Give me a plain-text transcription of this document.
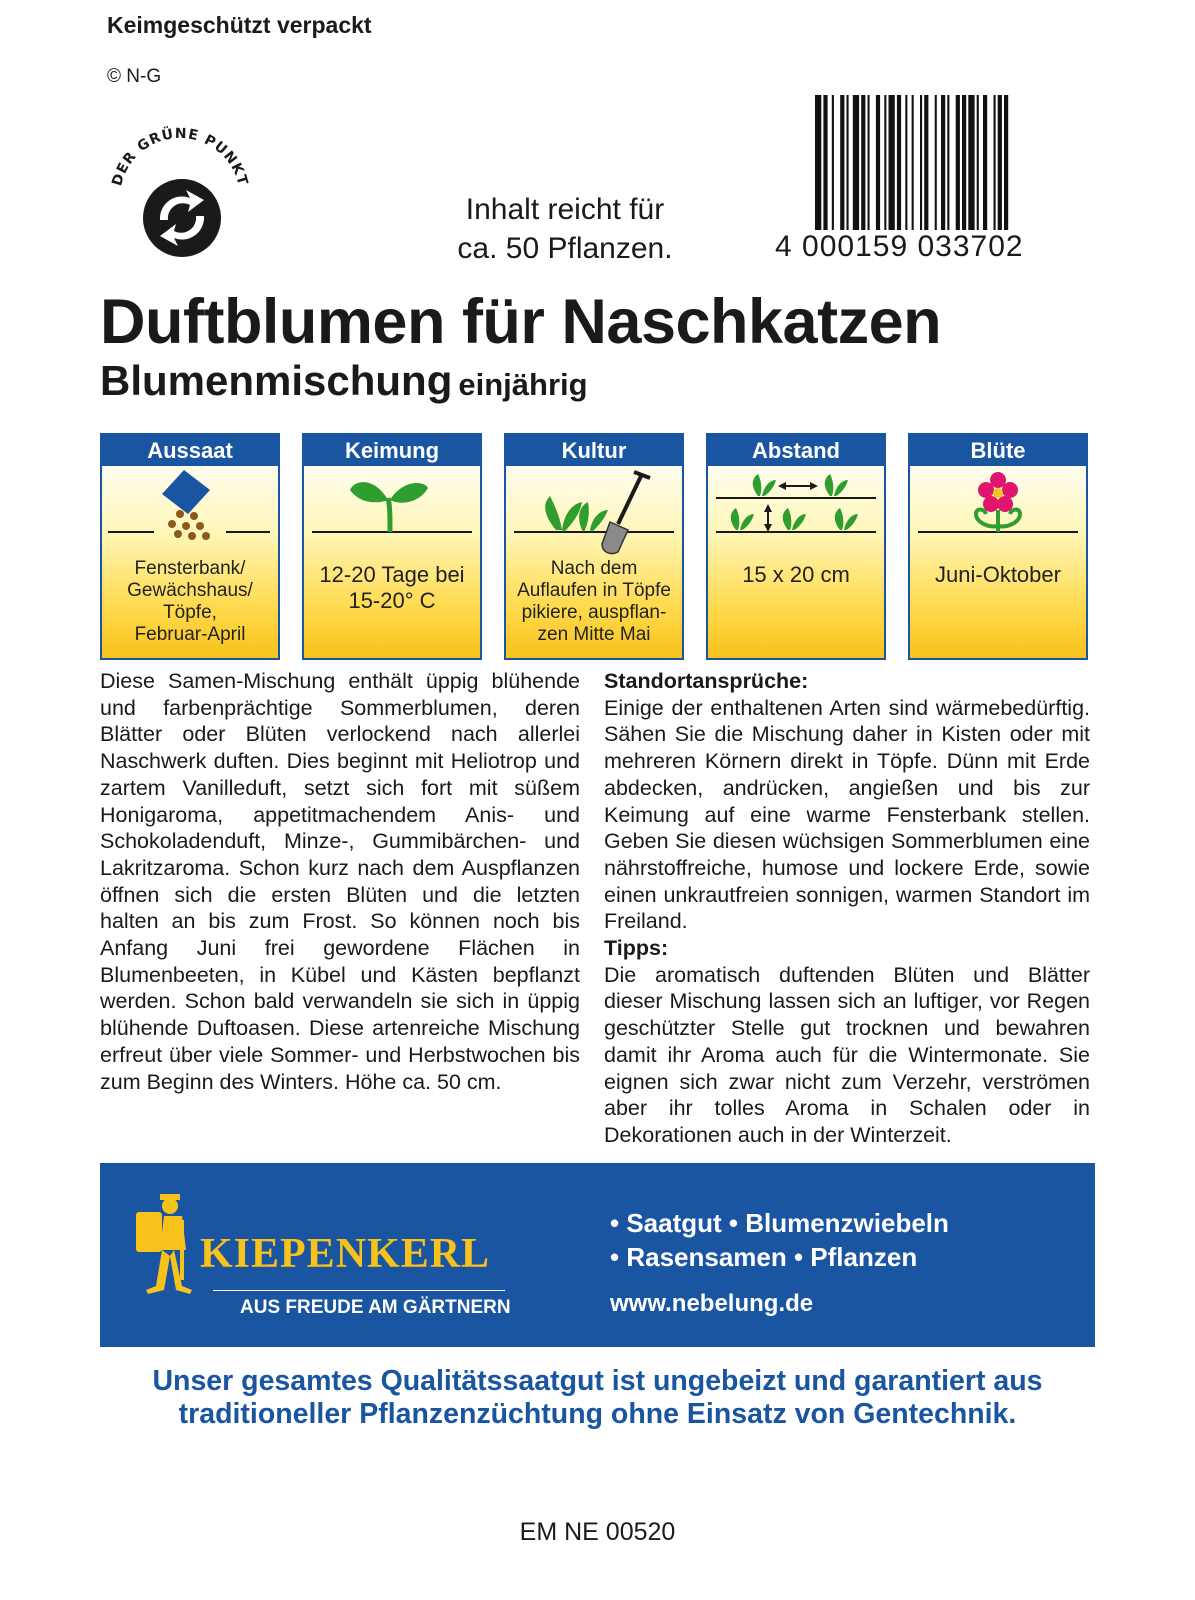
Keimgeschützt verpackt
© N-G
DER GRÜNE PUNKT
Inhalt reicht für
ca. 50 Pflanzen.	4 000159 033702
Duftblumen für Naschkatzen
Blumenmischung einjährig
Aussaat
Fensterbank/
Gewächshaus/
Töpfe,
Februar-April
Keimung
12-20 Tage bei
15-20° C
Kultur
Nach dem
Auflaufen in Töpfe
pikiere, auspflan-
zen Mitte Mai
Abstand
15 x 20 cm
Blüte
Juni-Oktober
Diese Samen-Mischung enthält üppig blühende und farbenprächtige Sommerblumen, deren Blätter oder Blüten verlockend nach allerlei Naschwerk duften. Dies beginnt mit Heliotrop und zartem Vanilleduft, setzt sich fort mit süßem Honigaroma, appetitmachendem Anis- und Schokoladenduft, Minze-, Gummibärchen- und Lakritzaroma. Schon kurz nach dem Auspflanzen öffnen sich die ersten Blüten und die letzten halten an bis zum Frost. So können noch bis Anfang Juni frei gewordene Flächen in Blumenbeeten, in Kübel und Kästen bepflanzt werden. Schon bald verwandeln sie sich in üppig blühende Duftoasen. Diese artenreiche Mischung erfreut über viele Sommer- und Herbstwochen bis zum Beginn des Winters. Höhe ca. 50 cm.
Standortansprüche:
Einige der enthaltenen Arten sind wärmebedürftig. Sähen Sie die Mischung daher in Kisten oder mit mehreren Körnern direkt in Töpfe. Dünn mit Erde abdecken, andrücken, angießen und bis zur Keimung auf eine warme Fensterbank stellen. Geben Sie diesen wüchsigen Sommerblumen eine nährstoffreiche, humose und lockere Erde, sowie einen unkrautfreien sonnigen, warmen Standort im Freiland.
Tipps:
Die aromatisch duftenden Blüten und Blätter dieser Mischung lassen sich an luftiger, vor Regen geschützter Stelle gut trocknen und bewahren damit ihr Aroma auch für die Wintermonate. Sie eignen sich zwar nicht zum Verzehr, verströmen aber ihr tolles Aroma in Schalen oder in Dekorationen auch in der Winterzeit.
KIEPENKERL
AUS FREUDE AM GÄRTNERN
• Saatgut • Blumenzwiebeln
• Rasensamen • Pflanzen
www.nebelung.de
Unser gesamtes Qualitätssaatgut ist ungebeizt und garantiert aus
traditioneller Pflanzenzüchtung ohne Einsatz von Gentechnik.
EM NE 00520
